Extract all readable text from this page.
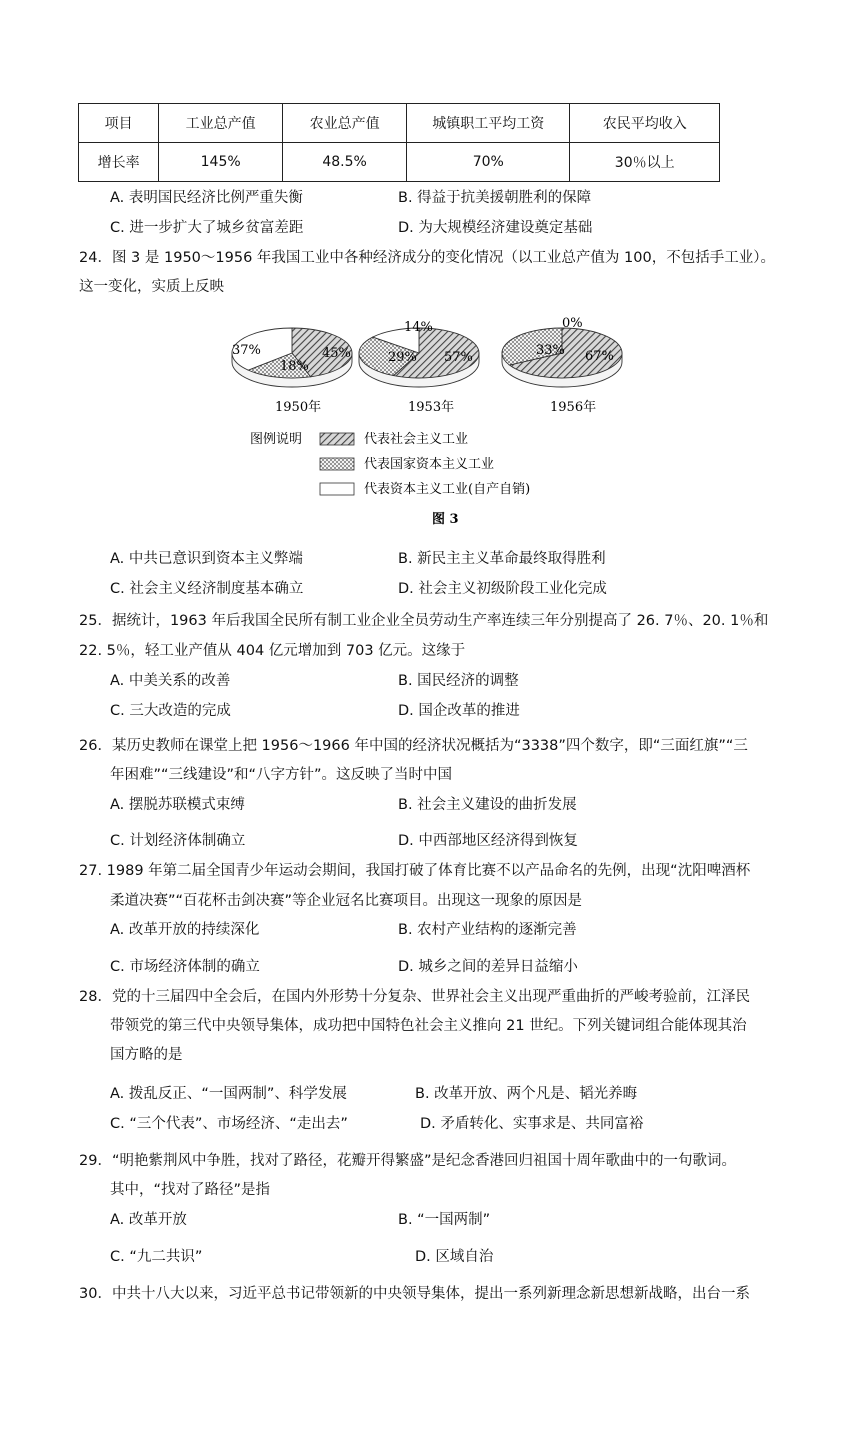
项目	工业总产值	农业总产值	城镇职工平均工资	农民平均收入
增长率	145%	48.5%	70%	30％以上
A. 表明国民经济比例严重失衡	B. 得益于抗美援朝胜利的保障
C. 进一步扩大了城乡贫富差距	D. 为大规模经济建设奠定基础
24．图 3 是 1950～1956 年我国工业中各种经济成分的变化情况（以工业总产值为 100，不包括手工业）。
这一变化，实质上反映
45%
18%
37%	57%
29%
14%
67%
33%
0%
1950年	1953年	1956年
图例说明	代表社会主义工业
代表国家资本主义工业
代表资本主义工业(自产自销)
图 3
A. 中共已意识到资本主义弊端	B. 新民主主义革命最终取得胜利
C. 社会主义经济制度基本确立	D. 社会主义初级阶段工业化完成
25．据统计，1963 年后我国全民所有制工业企业全员劳动生产率连续三年分别提高了 26. 7％、20. 1％和
22. 5％，轻工业产值从 404 亿元增加到 703 亿元。这缘于
A. 中美关系的改善	B. 国民经济的调整
C. 三大改造的完成	D. 国企改革的推进
26．某历史教师在课堂上把 1956～1966 年中国的经济状况概括为“3338”四个数字，即“三面红旗”“三
年困难”“三线建设”和“八字方针”。这反映了当时中国
A. 摆脱苏联模式束缚	B. 社会主义建设的曲折发展
C. 计划经济体制确立	D. 中西部地区经济得到恢复
27. 1989 年第二届全国青少年运动会期间，我国打破了体育比赛不以产品命名的先例，出现“沈阳啤酒杯
柔道决赛”“百花杯击剑决赛”等企业冠名比赛项目。出现这一现象的原因是
A. 改革开放的持续深化	B. 农村产业结构的逐渐完善
C. 市场经济体制的确立	D. 城乡之间的差异日益缩小
28．党的十三届四中全会后，在国内外形势十分复杂、世界社会主义出现严重曲折的严峻考验前，江泽民
带领党的第三代中央领导集体，成功把中国特色社会主义推向 21 世纪。下列关键词组合能体现其治
国方略的是
A. 拨乱反正、“一国两制”、科学发展	B. 改革开放、两个凡是、韬光养晦
C. “三个代表”、市场经济、“走出去”	D. 矛盾转化、实事求是、共同富裕
29．“明艳紫荆风中争胜，找对了路径，花瓣开得繁盛”是纪念香港回归祖国十周年歌曲中的一句歌词。
其中，“找对了路径”是指
A. 改革开放	B. “一国两制”
C. “九二共识”	D. 区域自治
30．中共十八大以来，习近平总书记带领新的中央领导集体，提出一系列新理念新思想新战略，出台一系
